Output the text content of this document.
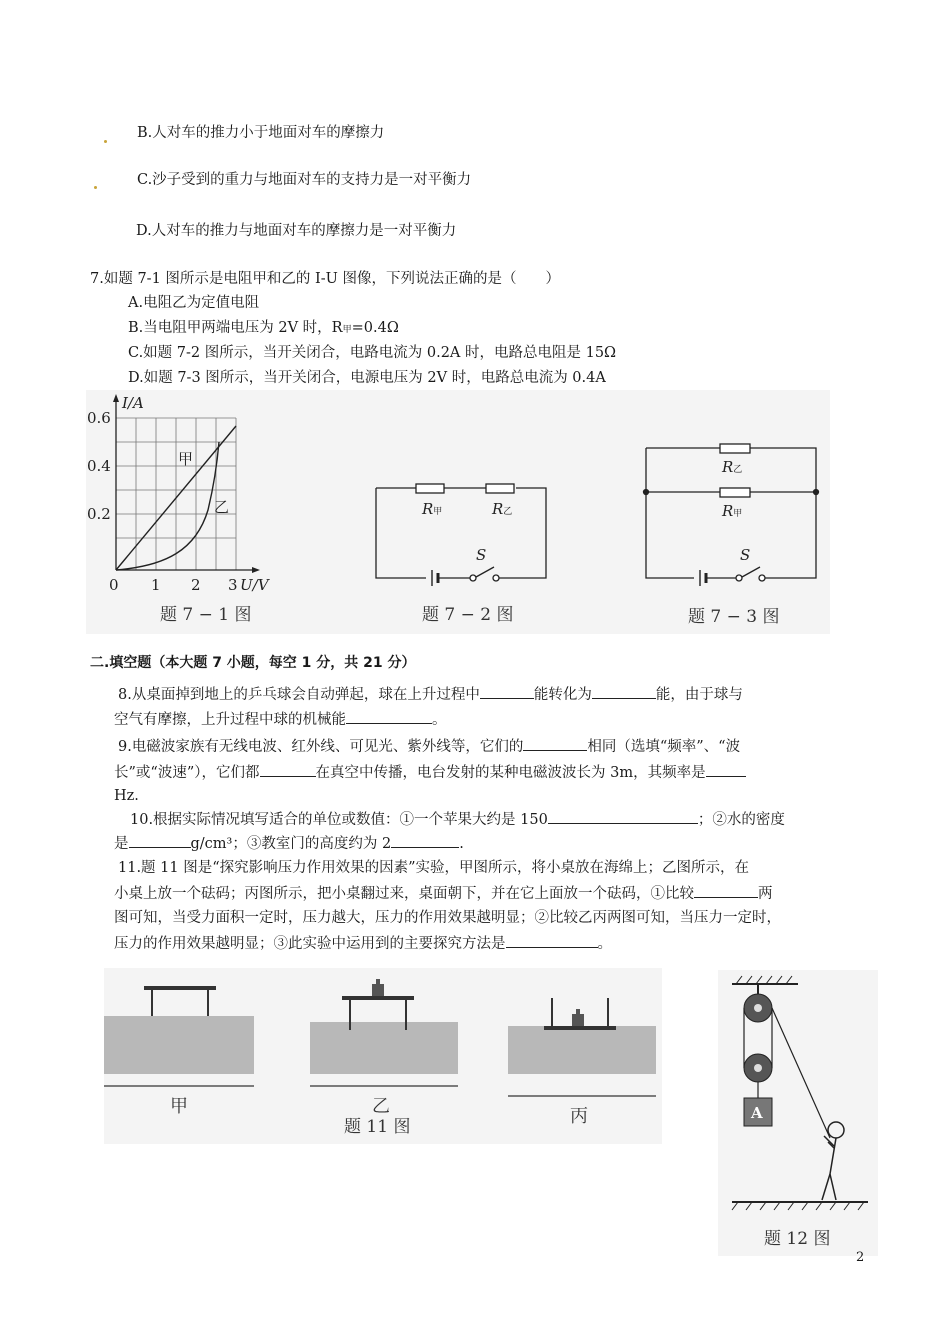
B.人对车的推力小于地面对车的摩擦力
C.沙子受到的重力与地面对车的支持力是一对平衡力
D.人对车的推力与地面对车的摩擦力是一对平衡力
7.如题 7-1 图所示是电阻甲和乙的 I-U 图像，下列说法正确的是（　　）
A.电阻乙为定值电阻
B.当电阻甲两端电压为 2V 时，R甲=0.4Ω
C.如题 7-2 图所示，当开关闭合，电路电流为 0.2A 时，电路总电阻是 15Ω
D.如题 7-3 图所示，当开关闭合，电源电压为 2V 时，电路总电流为 0.4A
I/A
0.6
0.4
0.2
0 1 2 3 U/V
甲
乙
题 7 − 1 图
R甲	R乙
S
题 7 − 2 图
R乙
R甲
S
题 7 − 3 图
二.填空题（本大题 7 小题，每空 1 分，共 21 分）
8.从桌面掉到地上的乒乓球会自动弹起，球在上升过程中	能转化为	能，由于球与
空气有摩擦，上升过程中球的机械能	。
9.电磁波家族有无线电波、红外线、可见光、紫外线等，它们的	相同（选填“频率”、“波
长”或“波速”），它们都	在真空中传播，电台发射的某种电磁波波长为 3m，其频率是
Hz.
10.根据实际情况填写适合的单位或数值：①一个苹果大约是 150	；②水的密度
是	g/cm³；③教室门的高度约为 2	.
11.题 11 图是“探究影响压力作用效果的因素”实验，甲图所示，将小桌放在海绵上；乙图所示，在
小桌上放一个砝码；丙图所示，把小桌翻过来，桌面朝下，并在它上面放一个砝码，①比较	两
图可知，当受力面积一定时，压力越大，压力的作用效果越明显；②比较乙丙两图可知，当压力一定时，
压力的作用效果越明显；③此实验中运用到的主要探究方法是	。
甲	乙	丙
题 11 图
A
题 12 图
2
